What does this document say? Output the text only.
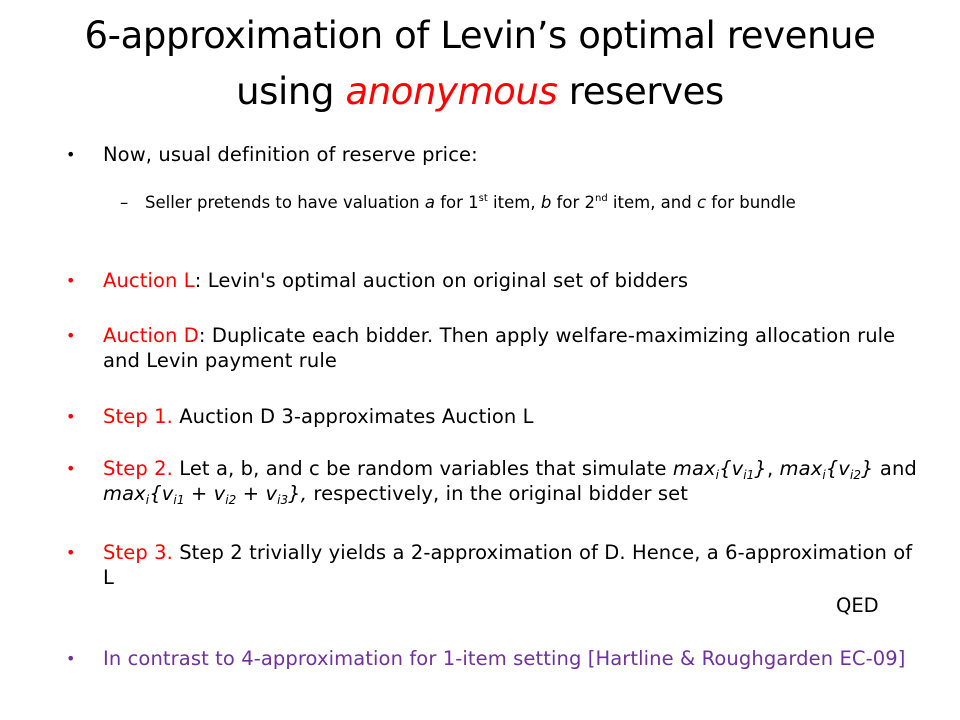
6-approximation of Levin’s optimal revenue
using anonymous reserves
• Now, usual definition of reserve price:
– Seller pretends to have valuation a for 1st item, b for 2nd item, and c for bundle
• Auction L: Levin's optimal auction on original set of bidders
• Auction D: Duplicate each bidder. Then apply welfare-maximizing allocation rule and Levin payment rule
• Step 1. Auction D 3-approximates Auction L
• Step 2. Let a, b, and c be random variables that simulate $\max_i\{v_{i1}\}$, $\max_i\{v_{i2}\}$ and $\max_i\{v_{i1} + v_{i2} + v_{i3}\}$, respectively, in the original bidder set
• Step 3. Step 2 trivially yields a 2-approximation of D. Hence, a 6-approximation of L
QED
• In contrast to 4-approximation for 1-item setting [Hartline & Roughgarden EC-09]
